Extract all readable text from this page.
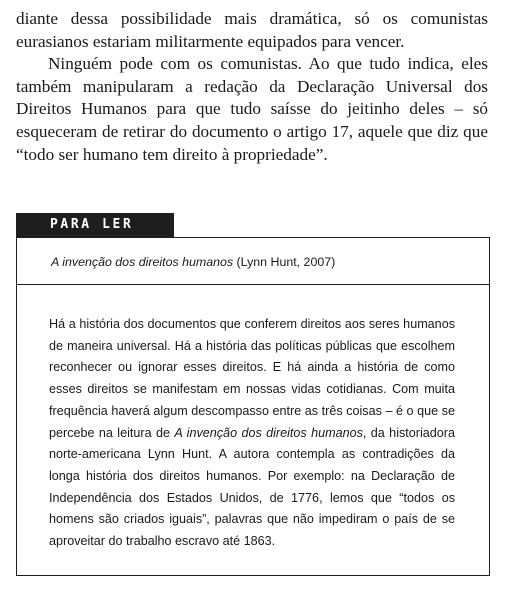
diante dessa possibilidade mais dramática, só os comunistas eurasianos estariam militarmente equipados para vencer.

Ninguém pode com os comunistas. Ao que tudo indica, eles também manipularam a redação da Declaração Universal dos Direitos Humanos para que tudo saísse do jeitinho deles – só esqueceram de retirar do documento o artigo 17, aquele que diz que “todo ser humano tem direito à propriedade”.

PARA LER
A invenção dos direitos humanos (Lynn Hunt, 2007)

Há a história dos documentos que conferem direitos aos seres humanos de maneira universal. Há a história das políticas públicas que escolhem reconhecer ou ignorar esses direitos. E há ainda a história de como esses direitos se manifestam em nossas vidas cotidianas. Com muita frequência haverá algum descompasso entre as três coisas – é o que se percebe na leitura de A invenção dos direitos humanos, da historiadora norte-americana Lynn Hunt. A autora contempla as contradições da longa história dos direitos humanos. Por exemplo: na Declaração de Independência dos Estados Unidos, de 1776, lemos que “todos os homens são criados iguais”, palavras que não impediram o país de se aproveitar do trabalho escravo até 1863.
